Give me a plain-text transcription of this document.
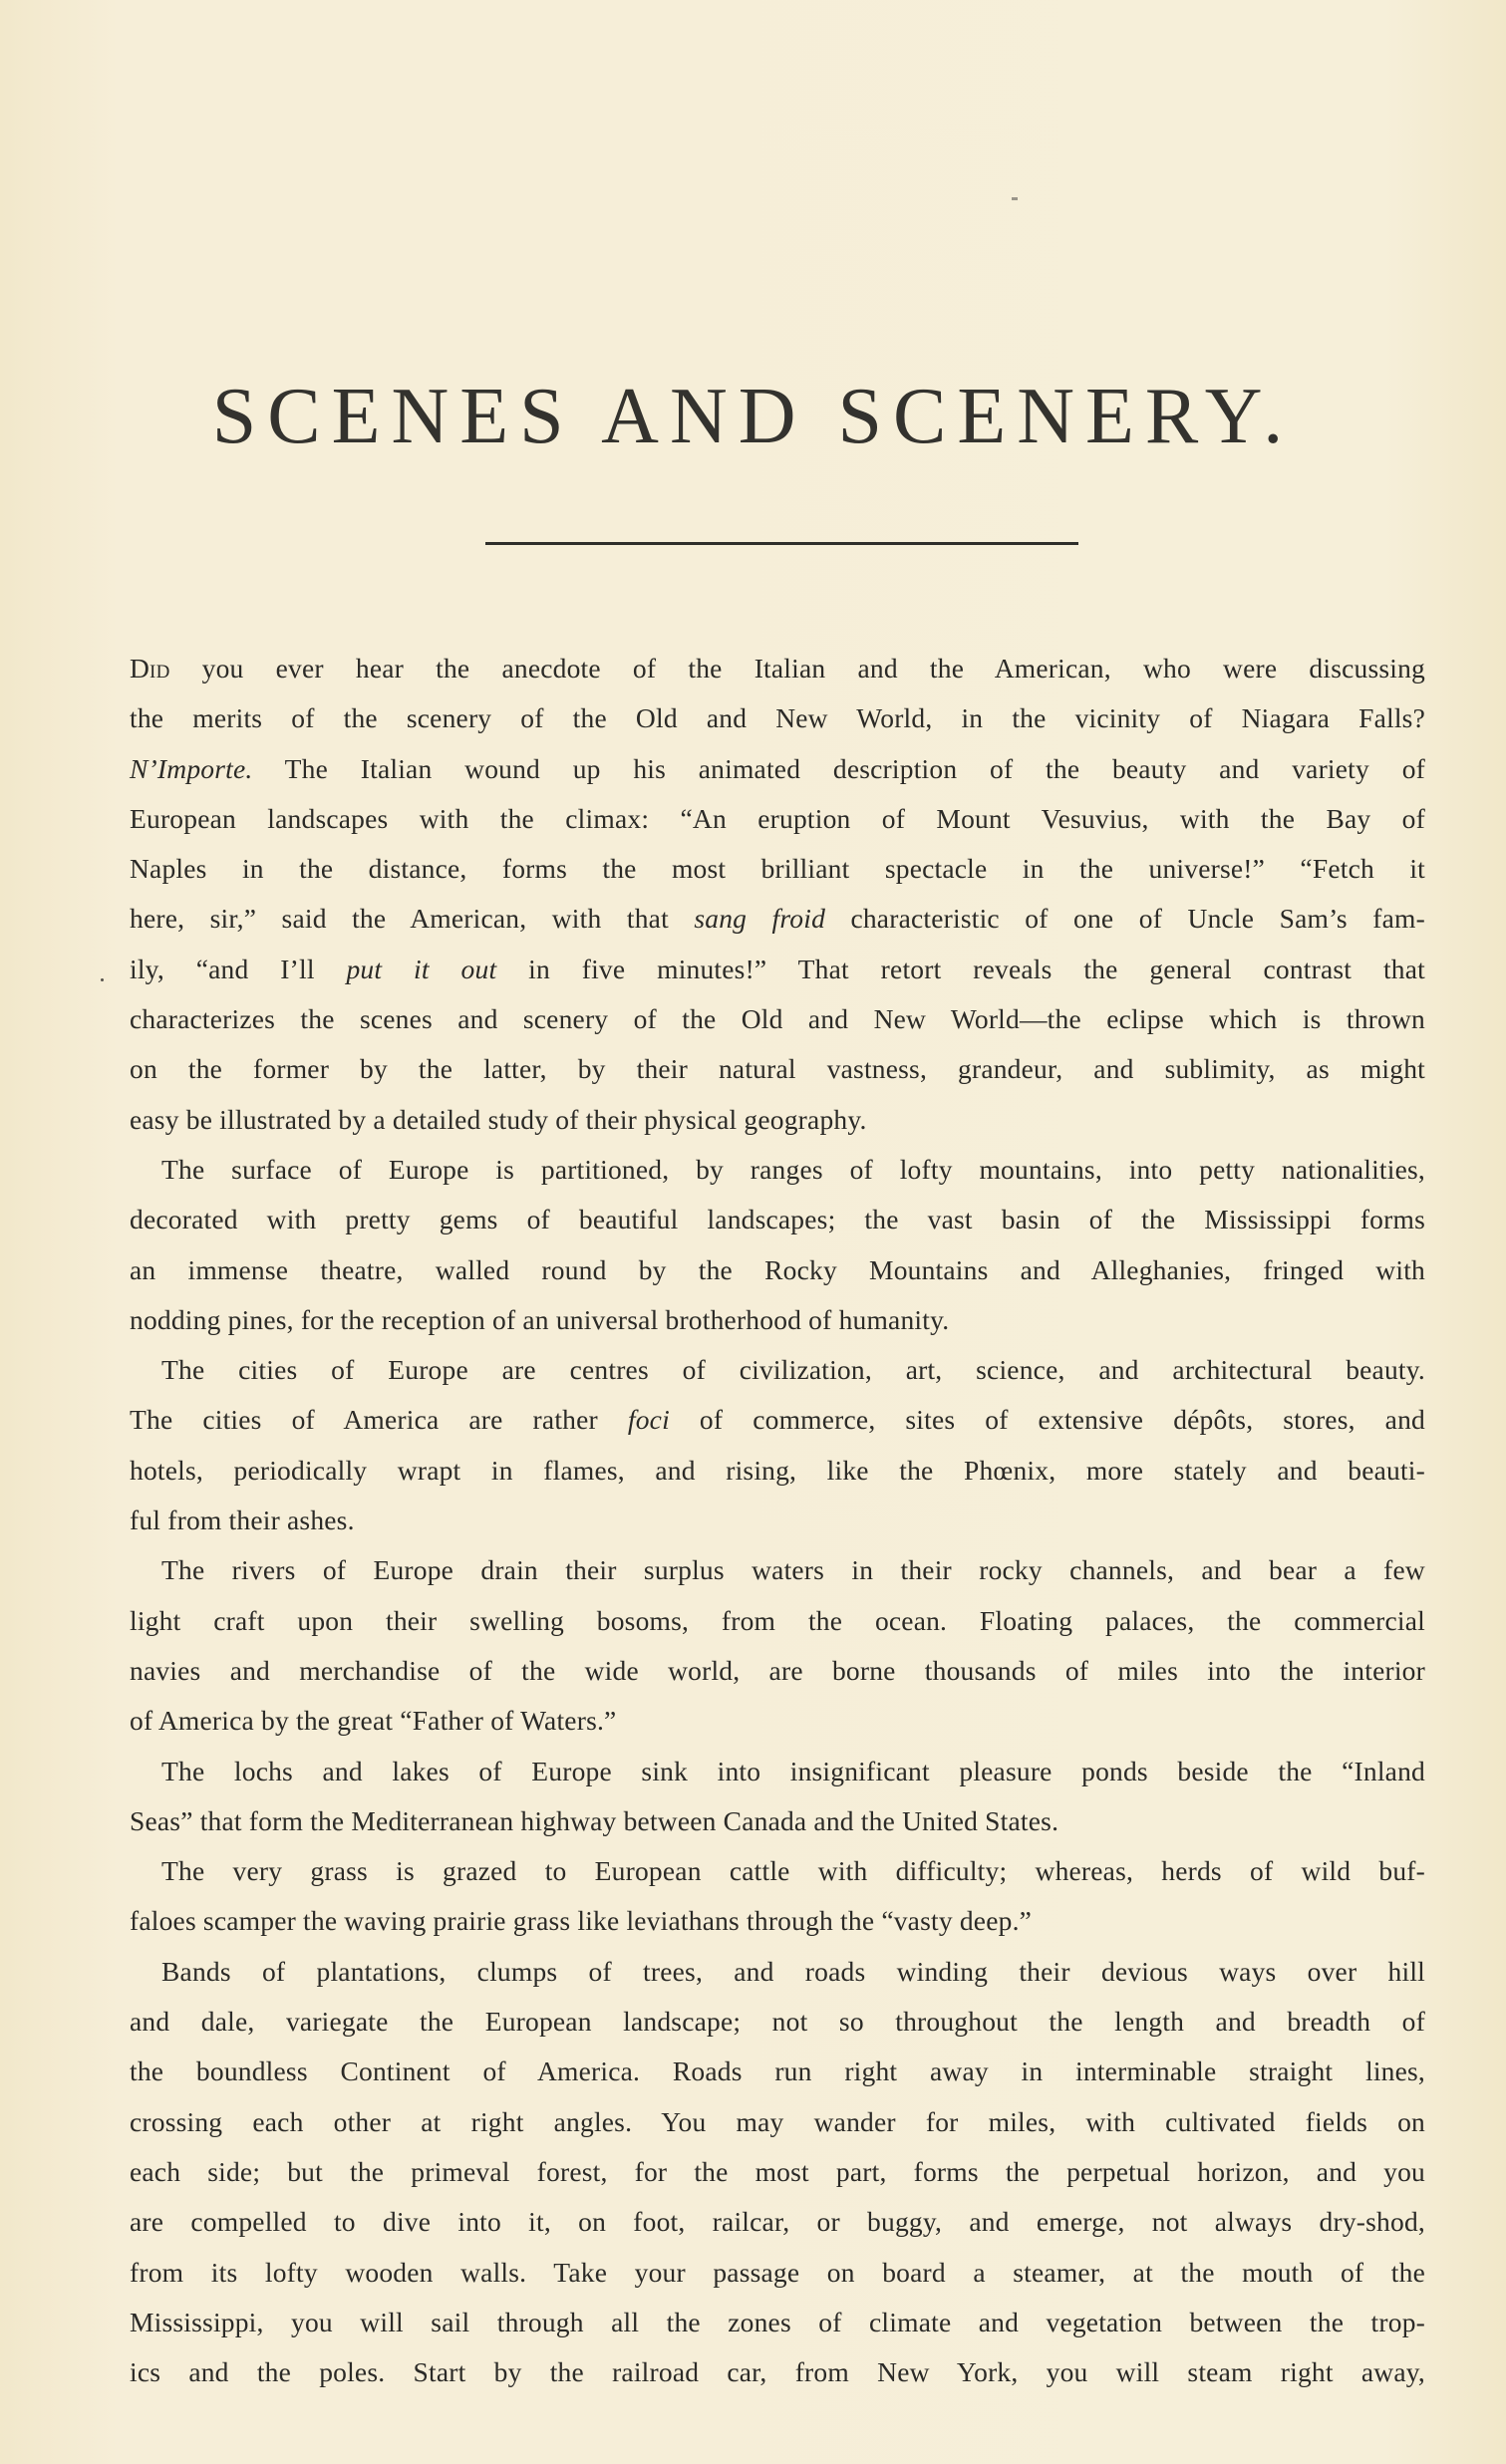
SCENES AND SCENERY.
Did you ever hear the anecdote of the Italian and the American, who were discussing
the merits of the scenery of the Old and New World, in the vicinity of Niagara Falls?
N’Importe. The Italian wound up his animated description of the beauty and variety of
European landscapes with the climax: “An eruption of Mount Vesuvius, with the Bay of
Naples in the distance, forms the most brilliant spectacle in the universe!” “Fetch it
here, sir,” said the American, with that sang froid characteristic of one of Uncle Sam’s fam-
ily, “and I’ll put it out in five minutes!” That retort reveals the general contrast that
characterizes the scenes and scenery of the Old and New World—the eclipse which is thrown
on the former by the latter, by their natural vastness, grandeur, and sublimity, as might
easy be illustrated by a detailed study of their physical geography.
The surface of Europe is partitioned, by ranges of lofty mountains, into petty nationalities,
decorated with pretty gems of beautiful landscapes; the vast basin of the Mississippi forms
an immense theatre, walled round by the Rocky Mountains and Alleghanies, fringed with
nodding pines, for the reception of an universal brotherhood of humanity.
The cities of Europe are centres of civilization, art, science, and architectural beauty.
The cities of America are rather foci of commerce, sites of extensive dépôts, stores, and
hotels, periodically wrapt in flames, and rising, like the Phœnix, more stately and beauti-
ful from their ashes.
The rivers of Europe drain their surplus waters in their rocky channels, and bear a few
light craft upon their swelling bosoms, from the ocean. Floating palaces, the commercial
navies and merchandise of the wide world, are borne thousands of miles into the interior
of America by the great “Father of Waters.”
The lochs and lakes of Europe sink into insignificant pleasure ponds beside the “Inland
Seas” that form the Mediterranean highway between Canada and the United States.
The very grass is grazed to European cattle with difficulty; whereas, herds of wild buf-
faloes scamper the waving prairie grass like leviathans through the “vasty deep.”
Bands of plantations, clumps of trees, and roads winding their devious ways over hill
and dale, variegate the European landscape; not so throughout the length and breadth of
the boundless Continent of America. Roads run right away in interminable straight lines,
crossing each other at right angles. You may wander for miles, with cultivated fields on
each side; but the primeval forest, for the most part, forms the perpetual horizon, and you
are compelled to dive into it, on foot, railcar, or buggy, and emerge, not always dry-shod,
from its lofty wooden walls. Take your passage on board a steamer, at the mouth of the
Mississippi, you will sail through all the zones of climate and vegetation between the trop-
ics and the poles. Start by the railroad car, from New York, you will steam right away,
